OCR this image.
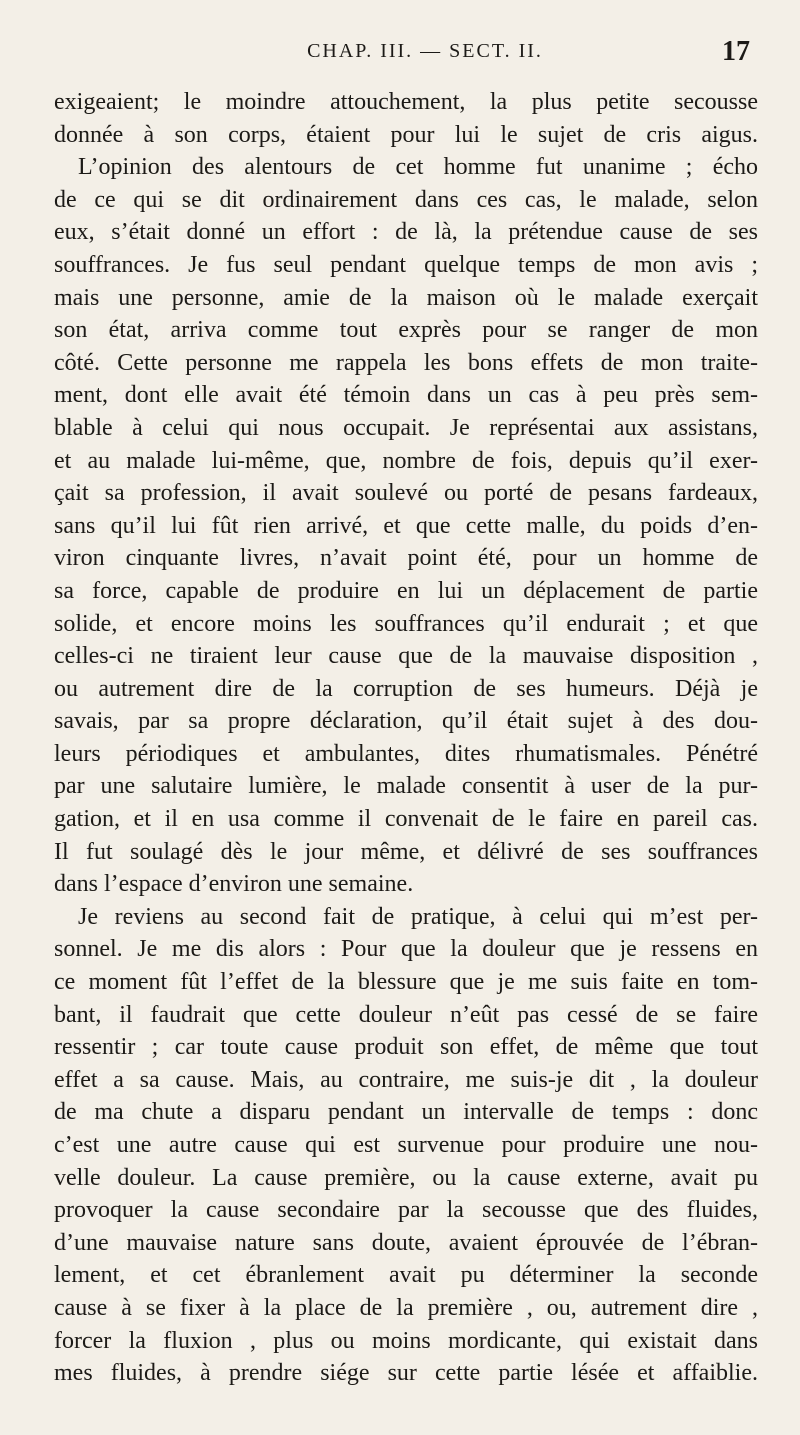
CHAP. III. — SECT. II.	17
exigeaient; le moindre attouchement, la plus petite secousse
donnée à son corps, étaient pour lui le sujet de cris aigus.
L’opinion des alentours de cet homme fut unanime ; écho
de ce qui se dit ordinairement dans ces cas, le malade, selon
eux, s’était donné un effort : de là, la prétendue cause de ses
souffrances. Je fus seul pendant quelque temps de mon avis ;
mais une personne, amie de la maison où le malade exerçait
son état, arriva comme tout exprès pour se ranger de mon
côté. Cette personne me rappela les bons effets de mon traite-
ment, dont elle avait été témoin dans un cas à peu près sem-
blable à celui qui nous occupait. Je représentai aux assistans,
et au malade lui-même, que, nombre de fois, depuis qu’il exer-
çait sa profession, il avait soulevé ou porté de pesans fardeaux,
sans qu’il lui fût rien arrivé, et que cette malle, du poids d’en-
viron cinquante livres, n’avait point été, pour un homme de
sa force, capable de produire en lui un déplacement de partie
solide, et encore moins les souffrances qu’il endurait ; et que
celles-ci ne tiraient leur cause que de la mauvaise disposition ,
ou autrement dire de la corruption de ses humeurs. Déjà je
savais, par sa propre déclaration, qu’il était sujet à des dou-
leurs périodiques et ambulantes, dites rhumatismales. Pénétré
par une salutaire lumière, le malade consentit à user de la pur-
gation, et il en usa comme il convenait de le faire en pareil cas.
Il fut soulagé dès le jour même, et délivré de ses souffrances
dans l’espace d’environ une semaine.
Je reviens au second fait de pratique, à celui qui m’est per-
sonnel. Je me dis alors : Pour que la douleur que je ressens en
ce moment fût l’effet de la blessure que je me suis faite en tom-
bant, il faudrait que cette douleur n’eût pas cessé de se faire
ressentir ; car toute cause produit son effet, de même que tout
effet a sa cause. Mais, au contraire, me suis-je dit , la douleur
de ma chute a disparu pendant un intervalle de temps : donc
c’est une autre cause qui est survenue pour produire une nou-
velle douleur. La cause première, ou la cause externe, avait pu
provoquer la cause secondaire par la secousse que des fluides,
d’une mauvaise nature sans doute, avaient éprouvée de l’ébran-
lement, et cet ébranlement avait pu déterminer la seconde
cause à se fixer à la place de la première , ou, autrement dire ,
forcer la fluxion , plus ou moins mordicante, qui existait dans
mes fluides, à prendre siége sur cette partie lésée et affaiblie.
